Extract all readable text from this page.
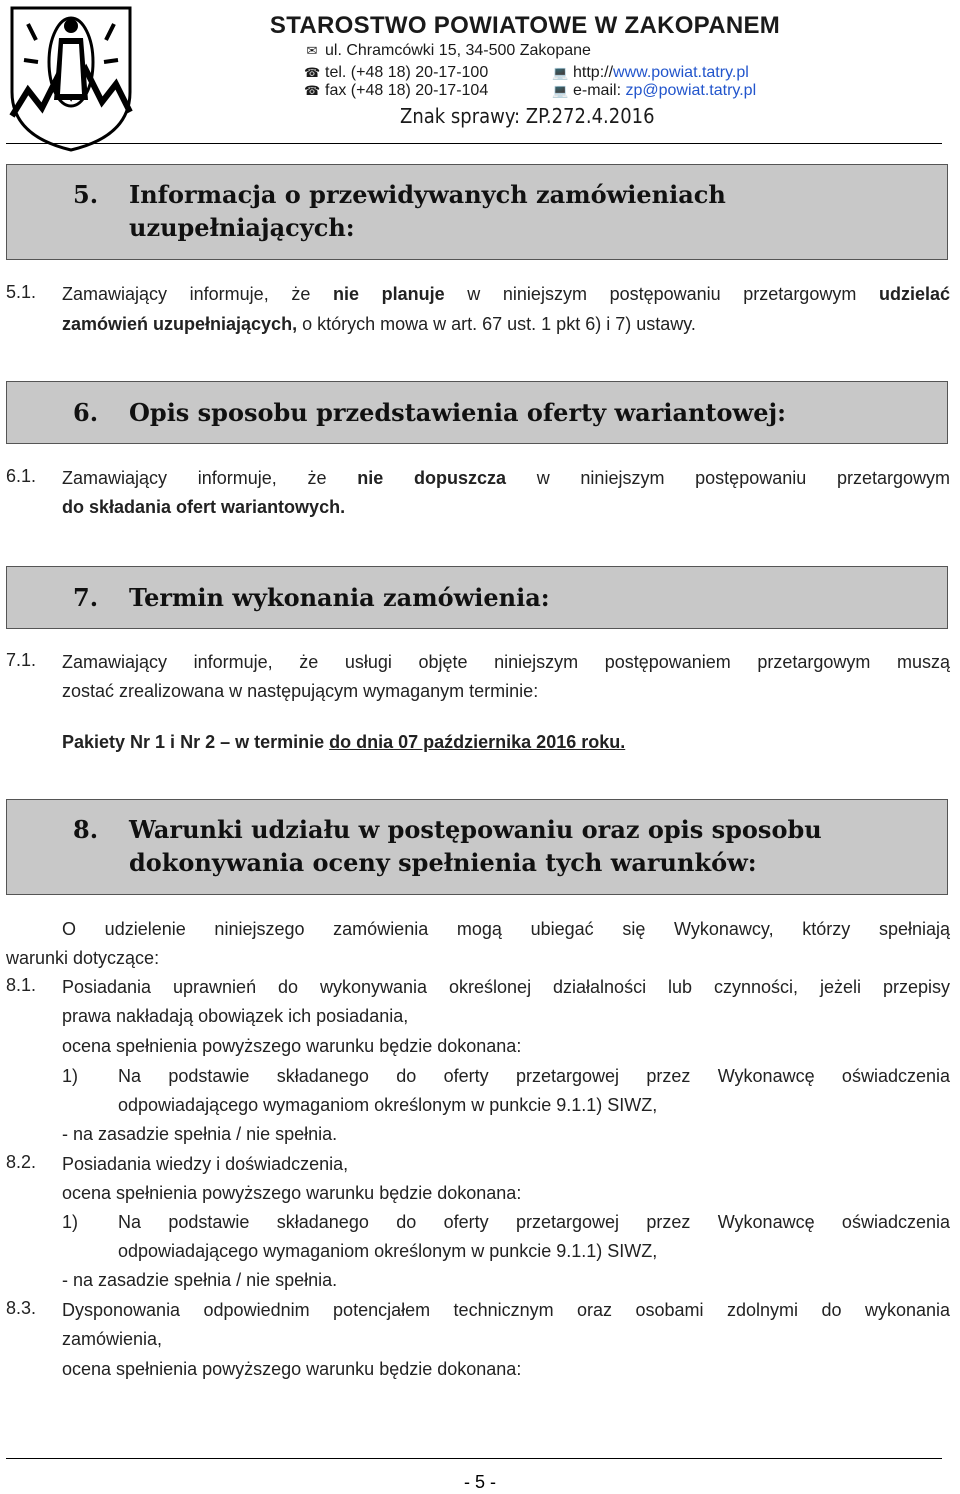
STAROSTWO POWIATOWE W ZAKOPANEM
✉ ul. Chramcówki 15, 34-500 Zakopane
☎ tel. (+48 18) 20-17-100
☎ fax (+48 18) 20-17-104
💻 http://www.powiat.tatry.pl
💻 e-mail: zp@powiat.tatry.pl
Znak sprawy: ZP.272.4.2016
5. Informacja o przewidywanych zamówieniach
uzupełniających:
5.1. Zamawiający informuje, że nie planuje w niniejszym postępowaniu przetargowym udzielać
zamówień uzupełniających, o których mowa w art. 67 ust. 1 pkt 6) i 7) ustawy.
6. Opis sposobu przedstawienia oferty wariantowej:
6.1. Zamawiający informuje, że nie dopuszcza w niniejszym postępowaniu przetargowym
do składania ofert wariantowych.
7. Termin wykonania zamówienia:
7.1. Zamawiający informuje, że usługi objęte niniejszym postępowaniem przetargowym muszą
zostać zrealizowana w następującym wymaganym terminie:
Pakiety Nr 1 i Nr 2 – w terminie do dnia 07 października 2016 roku.
8. Warunki udziału w postępowaniu oraz opis sposobu
dokonywania oceny spełnienia tych warunków:
O udzielenie niniejszego zamówienia mogą ubiegać się Wykonawcy, którzy spełniają
warunki dotyczące:
8.1. Posiadania uprawnień do wykonywania określonej działalności lub czynności, jeżeli przepisy
prawa nakładają obowiązek ich posiadania,
ocena spełnienia powyższego warunku będzie dokonana:
1) Na podstawie składanego do oferty przetargowej przez Wykonawcę oświadczenia
odpowiadającego wymaganiom określonym w punkcie 9.1.1) SIWZ,
- na zasadzie spełnia / nie spełnia.
8.2. Posiadania wiedzy i doświadczenia,
ocena spełnienia powyższego warunku będzie dokonana:
1) Na podstawie składanego do oferty przetargowej przez Wykonawcę oświadczenia
odpowiadającego wymaganiom określonym w punkcie 9.1.1) SIWZ,
- na zasadzie spełnia / nie spełnia.
8.3. Dysponowania odpowiednim potencjałem technicznym oraz osobami zdolnymi do wykonania
zamówienia,
ocena spełnienia powyższego warunku będzie dokonana:
- 5 -
